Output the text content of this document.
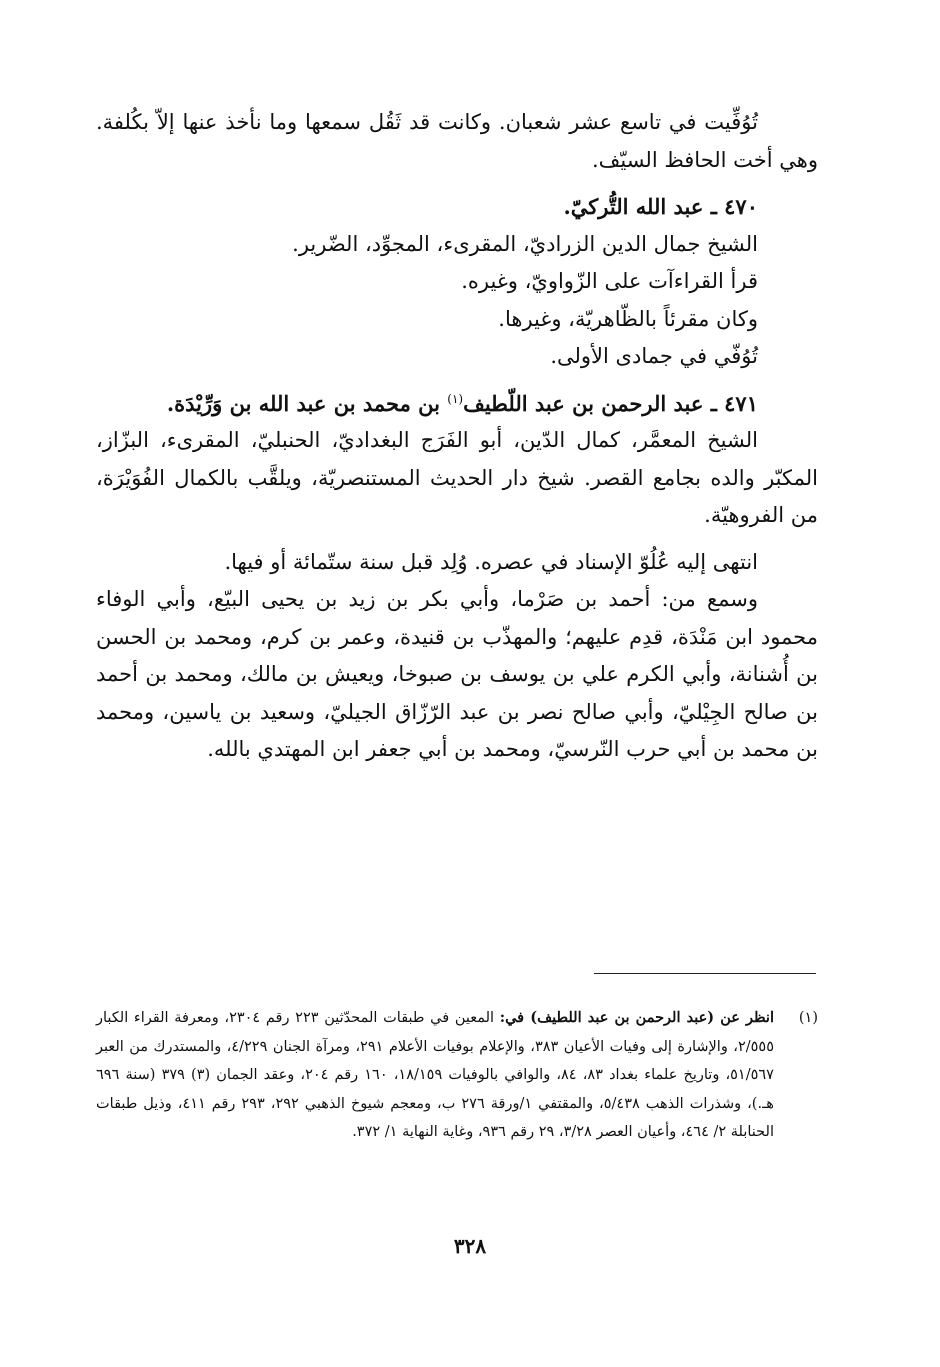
تُوُفِّيت في تاسع عشر شعبان. وكانت قد ثَقُل سمعها وما نأخذ عنها إلاّ بكُلفة. وهي أخت الحافظ السيّف.

٤٧٠ ـ عبد الله التُّركيّ.

الشيخ جمال الدين الزراديّ، المقرىء، المجوِّد، الضّرير.

قرأ القراءآت على الزّواويّ، وغيره.

وكان مقرئاً بالظّاهريّة، وغيرها.

تُوُفّي في جمادى الأولى.

٤٧١ ـ عبد الرحمن بن عبد اللّطيف$^{(١)}$ بن محمد بن عبد الله بن وَرِّيْدَة.

الشيخ المعمَّر، كمال الدّين، أبو الفَرَج البغداديّ، الحنبليّ، المقرىء، البزّاز، المكبّر والده بجامع القصر. شيخ دار الحديث المستنصريّة، ويلقَّب بالكمال الفُوَيْرَة، من الفروهيّة.

انتهى إليه عُلُوّ الإسناد في عصره. وُلِد قبل سنة ستّمائة أو فيها.

وسمع من: أحمد بن صَرْما، وأبي بكر بن زيد بن يحيى البيّع، وأبي الوفاء محمود ابن مَنْدَة، قدِم عليهم؛ والمهذّب بن قنيدة، وعمر بن كرم، ومحمد بن الحسن بن أُشنانة، وأبي الكرم علي بن يوسف بن صبوخا، ويعيش بن مالك، ومحمد بن أحمد بن صالح الجِيْليّ، وأبي صالح نصر بن عبد الرّزّاق الجيليّ، وسعيد بن ياسين، ومحمد بن محمد بن أبي حرب النّرسيّ، ومحمد بن أبي جعفر ابن المهتدي بالله.

(١)
انظر عن (عبد الرحمن بن عبد اللطيف) في: المعين في طبقات المحدّثين ٢٢٣ رقم ٢٣٠٤، ومعرفة القراء الكبار ٢/٥٥٥، والإشارة إلى وفيات الأعيان ٣٨٣، والإعلام بوفيات الأعلام ٢٩١، ومرآة الجنان ٤/٢٢٩، والمستدرك من العبر ٥١/٥٦٧، وتاريخ علماء بغداد ٨٣، ٨٤، والوافي بالوفيات ١٨/١٥٩، ١٦٠ رقم ٢٠٤، وعقد الجمان (٣) ٣٧٩ (سنة ٦٩٦ هـ.)، وشذرات الذهب ٥/٤٣٨، والمقتفي ١/ورقة ٢٧٦ ب، ومعجم شيوخ الذهبي ٢٩٢، ٢٩٣ رقم ٤١١، وذيل طبقات الحنابلة ٢/ ٤٦٤، وأعيان العصر ٣/٢٨، ٢٩ رقم ٩٣٦، وغاية النهاية ١/ ٣٧٢.
٣٢٨
